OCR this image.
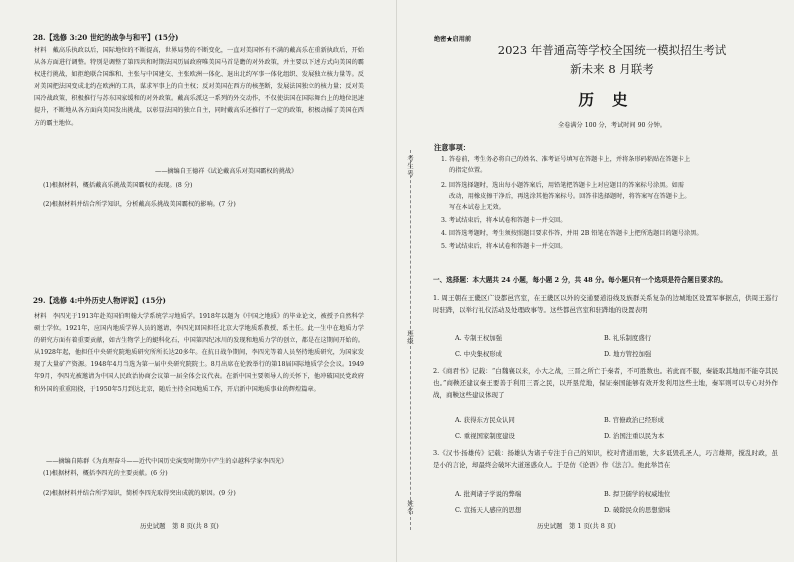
28.【选修 3:20 世纪的战争与和平】(15分)
材料　戴高乐执政以后，国际地位的不断提高，世界局势的不断变化，一直对美国怀有不满的戴高乐在重新执政后，开始从各方面进行调整。特别是调整了第四共和时期法国历届政府唯美国马首是瞻的对外政策，并主要以下述方式向美国的霸权进行挑战，如拒绝联合国维和、主张与中国建交、主张欧洲一体化、退出北约军事一体化组织、发展独立核力量等。反对美国把法国变成北约在欧洲的工具，谋求军事上的自主权；反对美国在西方的核垄断，发展法国独立的核力量；反对美国冷战政策，积极推行与苏东国家缓和的对外政策。戴高乐派这一系列的外交动作，不仅使法国在国际舞台上的地位迅速提升，不断地从各方面向美国发出挑战，以彰显法国的独立自主，同时戴高乐还推行了一定的政策，积极动摇了美国在西方的霸主地位。
——摘编自王德祥《试论戴高乐对美国霸权的挑战》
(1)根据材料，概括戴高乐挑战美国霸权的表现。(8 分)
(2)根据材料并结合所学知识，分析戴高乐挑战美国霸权的影响。(7 分)
29.【选修 4:中外历史人物评说】(15分)
材料　李四光于1913年赴英国伯明翰大学系统学习地质学。1918年以题为《中国之地质》的毕业论文，被授予自然科学硕士学位。1921年，应国内地质学界人员的邀请，李四光回国担任北京大学地质系教授、系主任。此一生中在地质力学的研究方面有着重要贡献，如古生物学上的蜓科化石，中国第四纪冰川的发现和地质力学的创立，都是在这期间开始的。从1928年起，他担任中央研究院地质研究所所长达20多年。在抗日战争期间，李四光等着人员坚持地质研究，为国家发现了大量矿产资源。1948年4月当选为第一届中央研究院院士。8月出席在伦敦举行的第18届国际地质学会会议。1949年9月，李四光被邀请为中国人民政治协商会议第一届全体会议代表。在新中国主要领导人的关怀下，他冲破国民党政府和外国的重重阻挠，于1950年5月到达北京，随后主持全国地质工作，开启新中国地质事业的辉煌篇章。
——摘编自陈群《为真理奋斗——近代中国历史演变时期劳中产生的卓越科学家李四光》
(1)根据材料，概括李四光的主要贡献。(6 分)
(2)根据材料并结合所学知识，简析李四光取得突出成就的原因。(9 分)
历史试题　第 8 页(共 8 页)
绝密★启用前
2023 年普通高等学校全国统一模拟招生考试
新未来 8 月联考
历史
全卷满分 100 分，考试时间 90 分钟。
注意事项：
1. 答卷前，考生务必将自己的姓名、准考证号填写在答题卡上，并将条形码粘贴在答题卡上
　 的指定位置。
2. 回答选择题时，选出每小题答案后，用铅笔把答题卡上对应题目的答案标号涂黑。如需
　 改动，用橡皮擦干净后，再选涂其他答案标号。回答非选择题时，将答案写在答题卡上。
　 写在本试卷上无效。
3. 考试结束后，将本试卷和答题卡一并交回。
4. 回答选考题时，考生须按照题目要求作答，并用 2B 铅笔在答题卡上把所选题目的题号涂黑。
5. 考试结束后，将本试卷和答题卡一并交回。
考生号
班级
姓名
一、选择题：本大题共 24 小题，每小题 2 分，共 48 分。每小题只有一个选项是符合题目要求的。
1. 周王朝在王畿区广设都邑宫室，在王畿区以外的交通要道沿线及族群关系复杂的边城地区设置军事据点，供周王巡行时驻跸，以举行礼仪活动及处理政事等。这些都邑宫室和驻跸地的设置表明
A. 专制王权加强	B. 礼乐制度盛行
C. 中央集权形成	D. 地方管控加强
2.《商君书》记载：“白魏襄以来，小大之战，三晋之所亡于秦者，不可胜数也。若此而不服，秦能取其地而不能夺其民也。”商鞅还建议秦王要善于利用三晋之民，以开垦荒地，保证秦国能够有效开发利用这些土地，秦军则可以专心对外作战，商鞅这些建议体现了
A. 获得东方民众认同	B. 官僚政治已经形成
C. 重视国家制度建设	D. 治国注重以民为本
3.《汉书·扬雄传》记载：扬雄认为诸子专注于自己的知识，校对背道而驰，大多诋毁孔圣人，巧言雄辩，搅乱时政，虽是小的言论，却最终会破坏大道迷惑众人。于是仿《论语》作《法言》。他此举旨在
A. 批判诸子学说的弊端	B. 捍卫儒学的权威地位
C. 宣扬天人感应的思想	D. 破除民众的思想蒙昧
历史试题　第 1 页(共 8 页)
